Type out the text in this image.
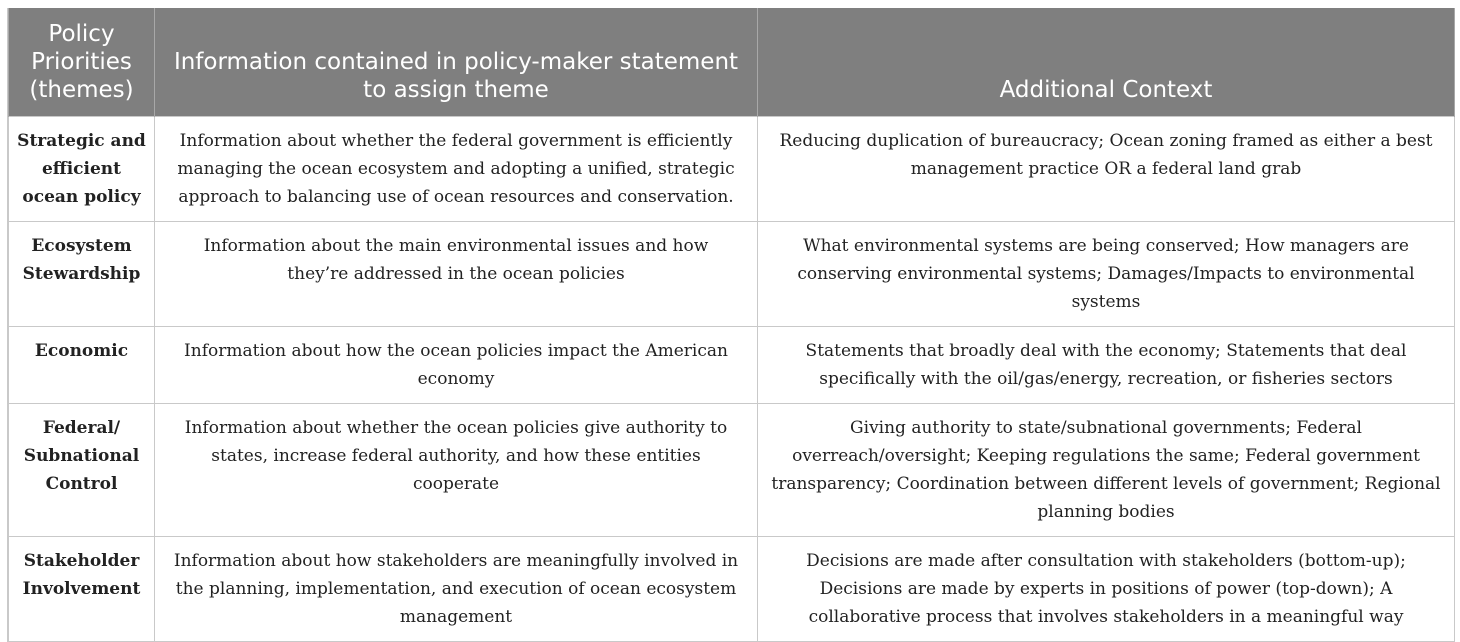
Policy Priorities (themes)	Information contained in policy-maker statement to assign theme	Additional Context
Strategic and efficient ocean policy	Information about whether the federal government is efficiently managing the ocean ecosystem and adopting a unified, strategic approach to balancing use of ocean resources and conservation.	Reducing duplication of bureaucracy; Ocean zoning framed as either a best management practice OR a federal land grab
Ecosystem Stewardship	Information about the main environmental issues and how they’re addressed in the ocean policies	What environmental systems are being conserved; How managers are conserving environmental systems; Damages/Impacts to environmental systems
Economic	Information about how the ocean policies impact the American economy	Statements that broadly deal with the economy; Statements that deal specifically with the oil/gas/energy, recreation, or fisheries sectors
Federal/ Subnational Control	Information about whether the ocean policies give authority to states, increase federal authority, and how these entities cooperate	Giving authority to state/subnational governments; Federal overreach/oversight; Keeping regulations the same; Federal government transparency; Coordination between different levels of government; Regional planning bodies
Stakeholder Involvement	Information about how stakeholders are meaningfully involved in the planning, implementation, and execution of ocean ecosystem management	Decisions are made after consultation with stakeholders (bottom-up); Decisions are made by experts in positions of power (top-down); A collaborative process that involves stakeholders in a meaningful way
